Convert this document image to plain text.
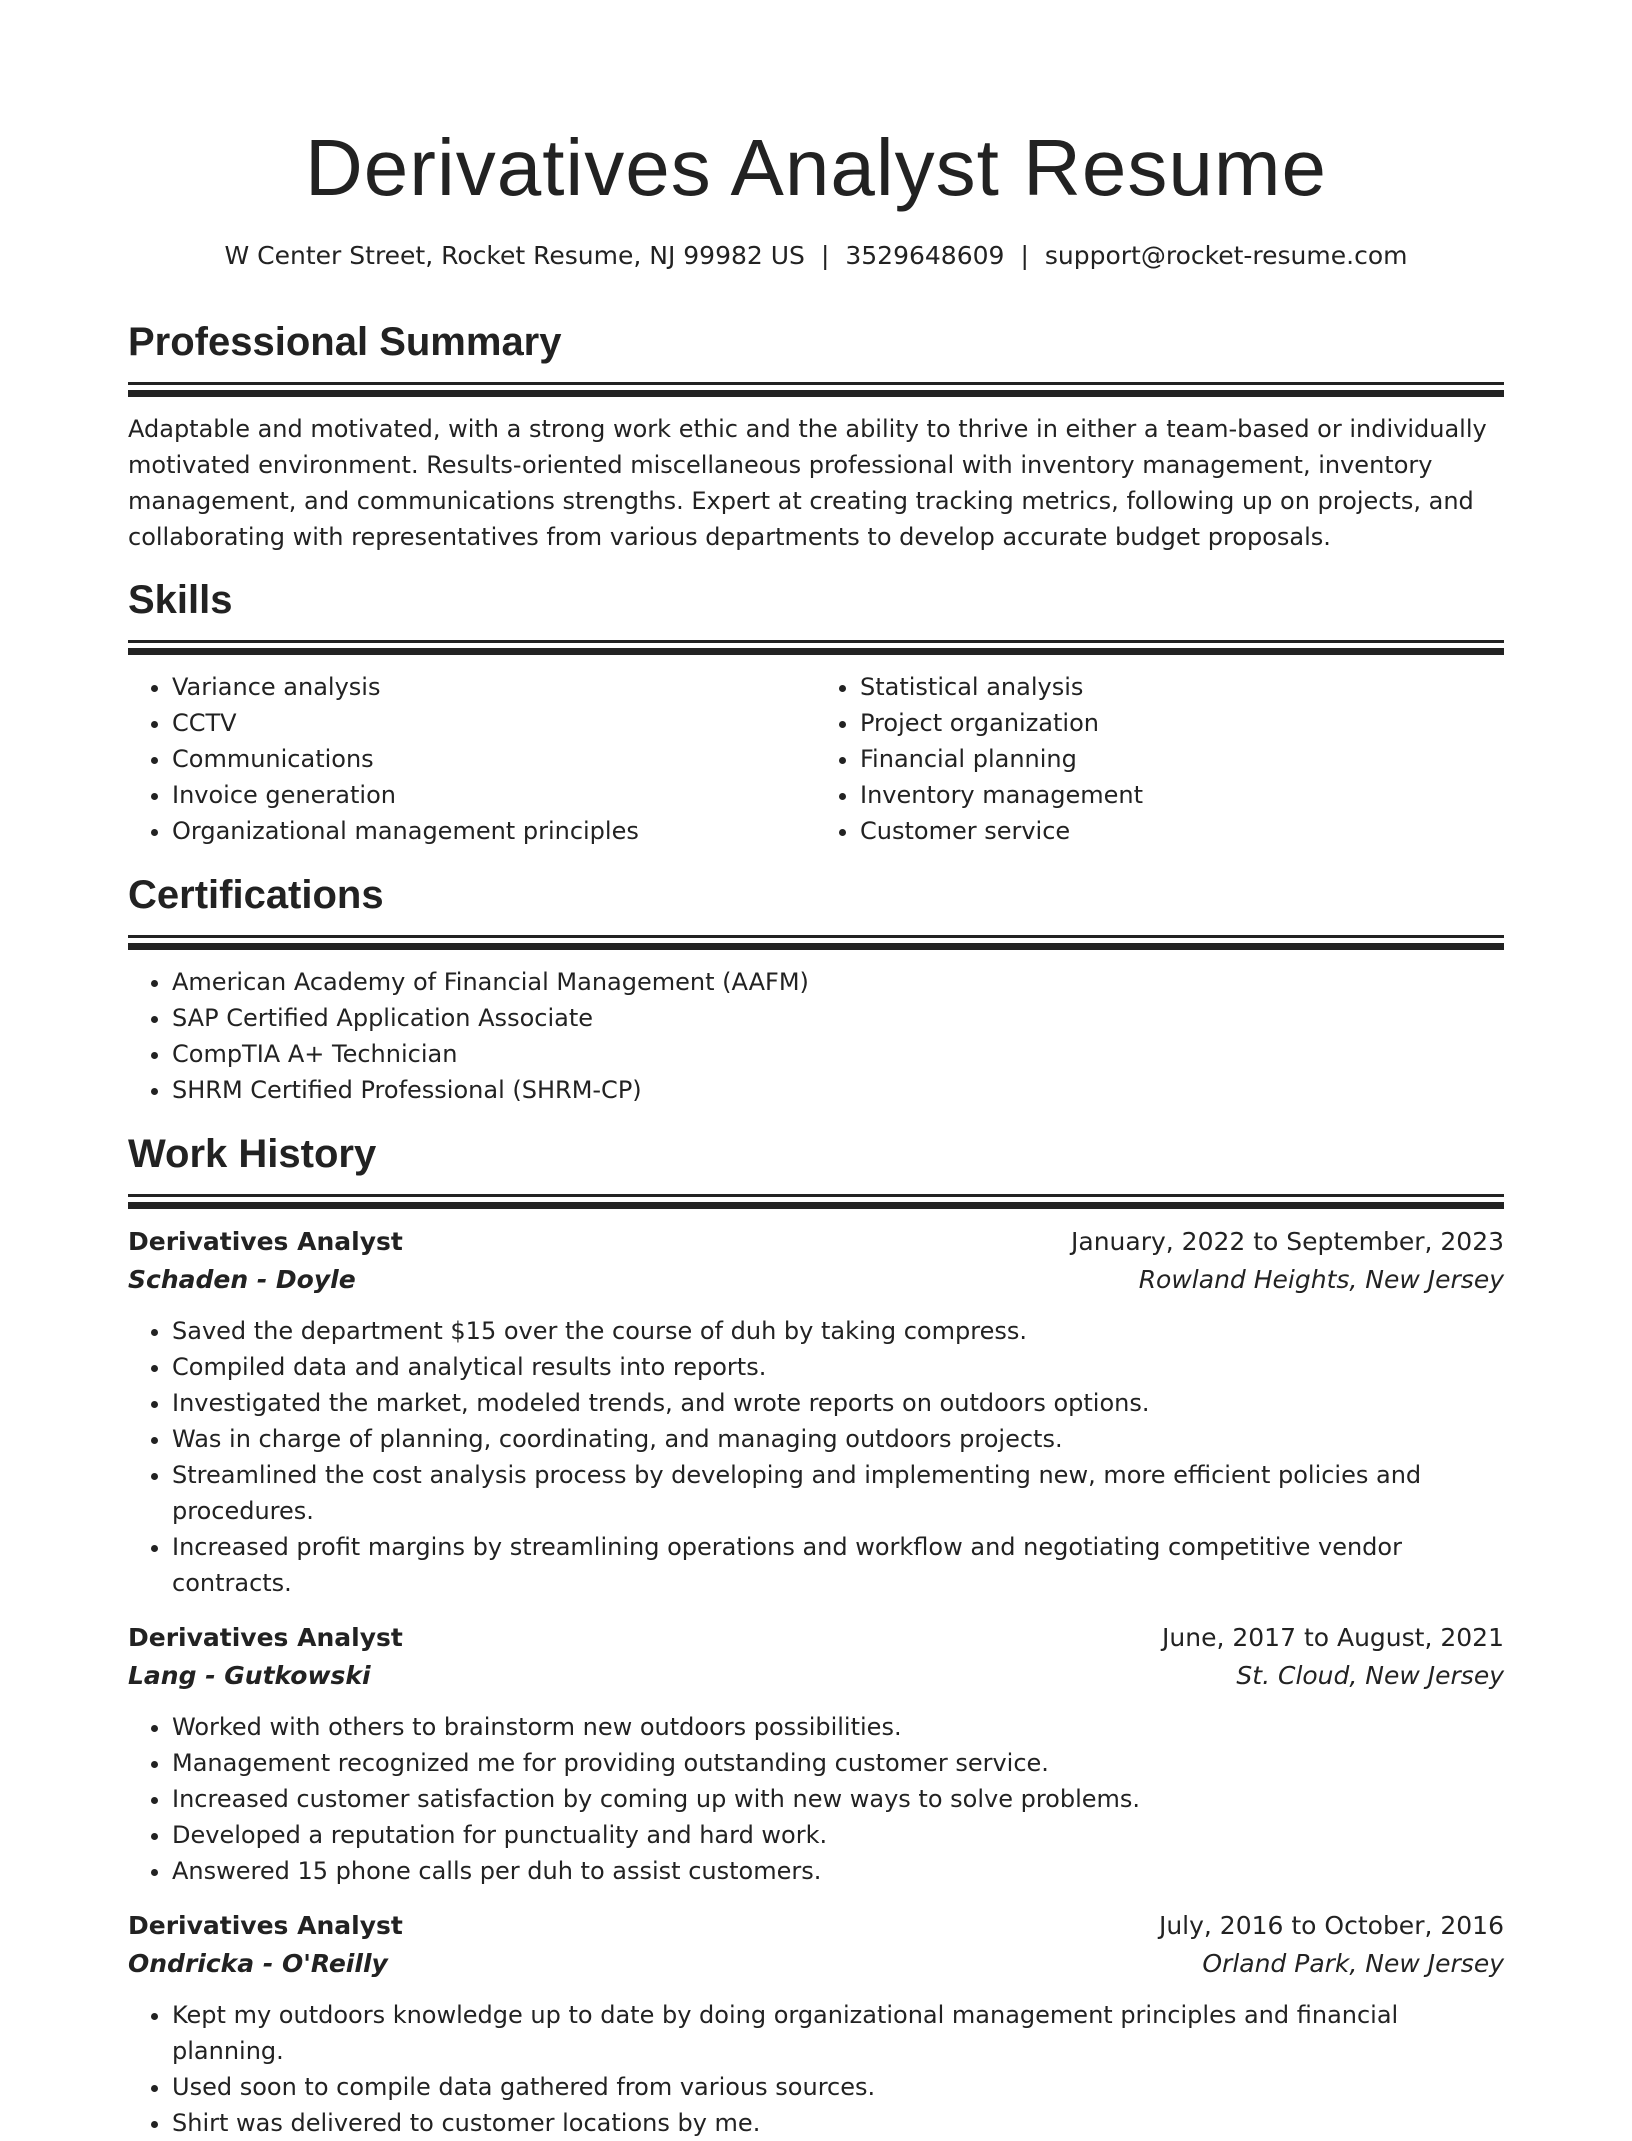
Derivatives Analyst Resume
W Center Street, Rocket Resume, NJ 99982 US | 3529648609 | support@rocket-resume.com
Professional Summary
Adaptable and motivated, with a strong work ethic and the ability to thrive in either a team-based or individually motivated environment. Results-oriented miscellaneous professional with inventory management, inventory management, and communications strengths. Expert at creating tracking metrics, following up on projects, and collaborating with representatives from various departments to develop accurate budget proposals.
Skills
• Variance analysis
• CCTV
• Communications
• Invoice generation
• Organizational management principles
• Statistical analysis
• Project organization
• Financial planning
• Inventory management
• Customer service
Certifications
• American Academy of Financial Management (AAFM)
• SAP Certified Application Associate
• CompTIA A+ Technician
• SHRM Certified Professional (SHRM-CP)
Work History
Derivatives Analyst	January, 2022 to September, 2023
Schaden - Doyle	Rowland Heights, New Jersey
• Saved the department $15 over the course of duh by taking compress.
• Compiled data and analytical results into reports.
• Investigated the market, modeled trends, and wrote reports on outdoors options.
• Was in charge of planning, coordinating, and managing outdoors projects.
• Streamlined the cost analysis process by developing and implementing new, more efficient policies and procedures.
• Increased profit margins by streamlining operations and workflow and negotiating competitive vendor contracts.
Derivatives Analyst	June, 2017 to August, 2021
Lang - Gutkowski	St. Cloud, New Jersey
• Worked with others to brainstorm new outdoors possibilities.
• Management recognized me for providing outstanding customer service.
• Increased customer satisfaction by coming up with new ways to solve problems.
• Developed a reputation for punctuality and hard work.
• Answered 15 phone calls per duh to assist customers.
Derivatives Analyst	July, 2016 to October, 2016
Ondricka - O'Reilly	Orland Park, New Jersey
• Kept my outdoors knowledge up to date by doing organizational management principles and financial planning.
• Used soon to compile data gathered from various sources.
• Shirt was delivered to customer locations by me.
